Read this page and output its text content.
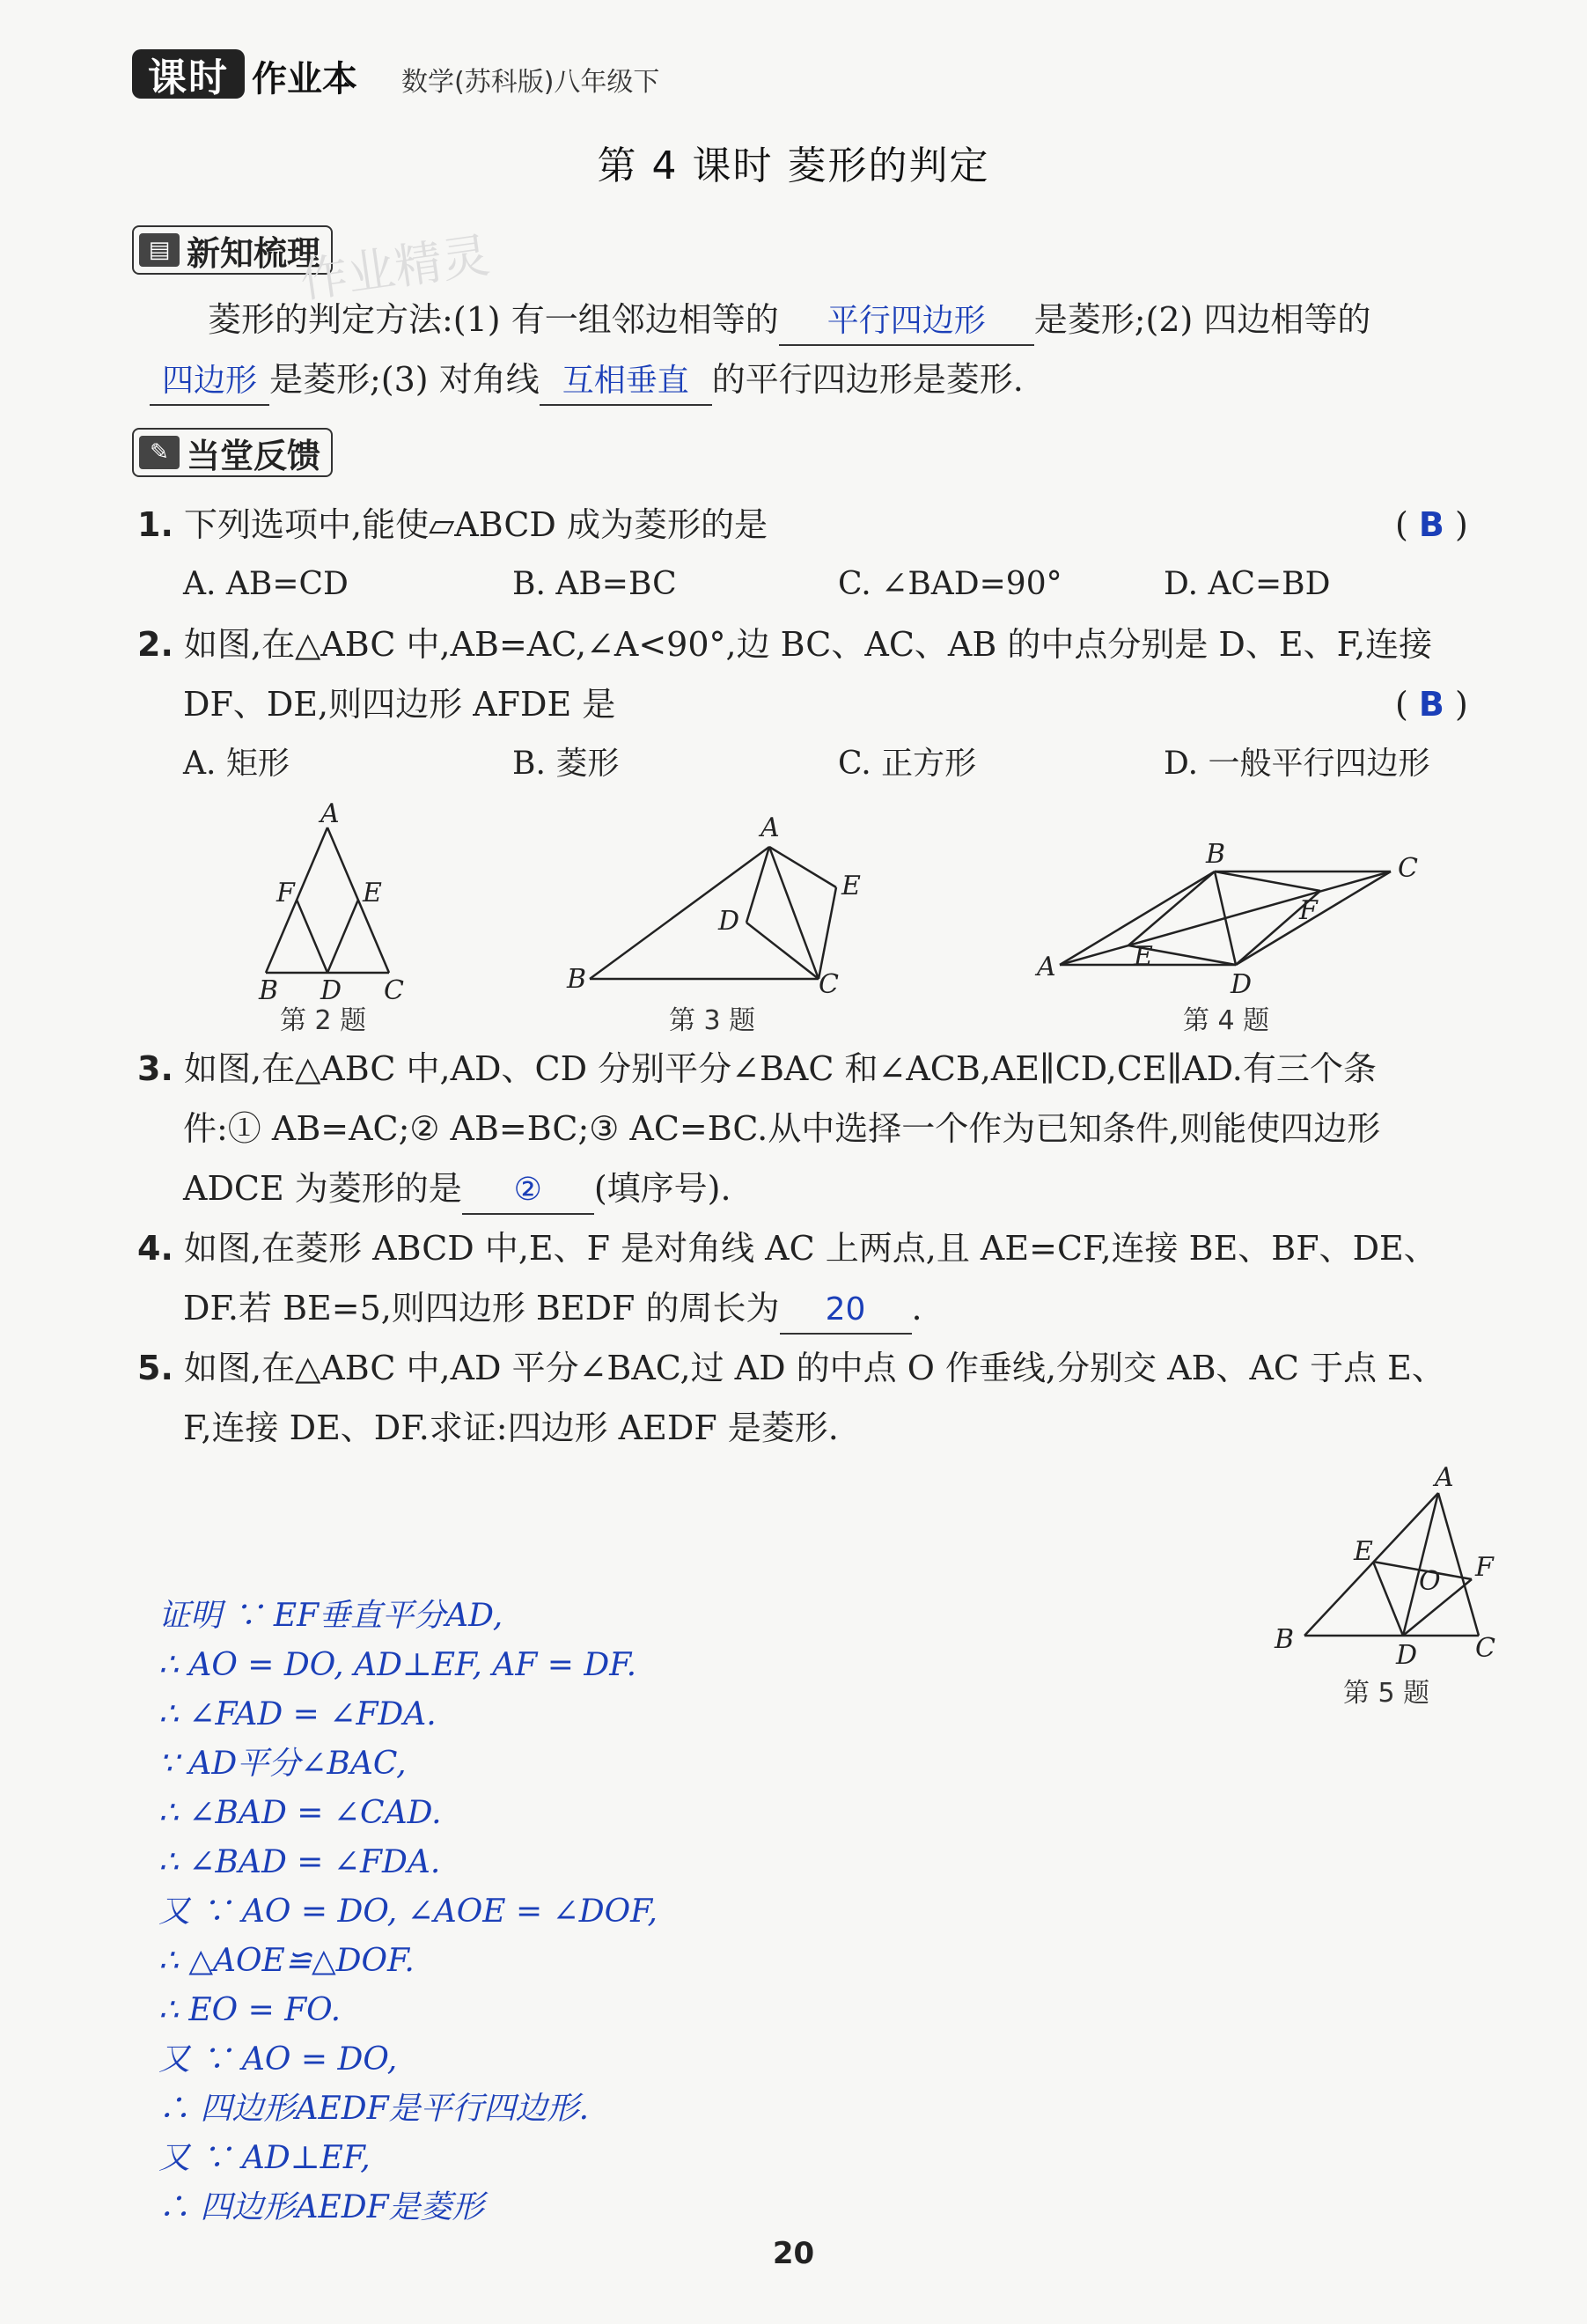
课时 作业本 数学(苏科版)八年级下
第 4 课时 菱形的判定
▤ 新知梳理
作业精灵
菱形的判定方法:(1) 有一组邻边相等的 平行四边形 是菱形;(2) 四边相等的
四边形 是菱形;(3) 对角线 互相垂直 的平行四边形是菱形.
✎ 当堂反馈
1. 下列选项中,能使▱ABCD 成为菱形的是	( B )
A. AB=CD	B. AB=BC	C. ∠BAD=90°	D. AC=BD
2. 如图,在△ABC 中,AB=AC,∠A<90°,边 BC、AC、AB 的中点分别是 D、E、F,连接
DF、DE,则四边形 AFDE 是	( B )
A. 矩形	B. 菱形	C. 正方形	D. 一般平行四边形
A
F	E
B D C
第 2 题
A
E
D
B	C
第 3 题
B	C
F
E
A
D
第 4 题
3. 如图,在△ABC 中,AD、CD 分别平分∠BAC 和∠ACB,AE∥CD,CE∥AD.有三个条
件:① AB=AC;② AB=BC;③ AC=BC.从中选择一个作为已知条件,则能使四边形
ADCE 为菱形的是 ② (填序号).
4. 如图,在菱形 ABCD 中,E、F 是对角线 AC 上两点,且 AE=CF,连接 BE、BF、DE、
DF.若 BE=5,则四边形 BEDF 的周长为 20 .
5. 如图,在△ABC 中,AD 平分∠BAC,过 AD 的中点 O 作垂线,分别交 AB、AC 于点 E、
F,连接 DE、DF.求证:四边形 AEDF 是菱形.
A
E
F
O
B
D C
第 5 题
证明 ∵ EF垂直平分AD,
∴ AO = DO, AD⊥EF, AF = DF.
∴ ∠FAD = ∠FDA.
∵ AD平分∠BAC,
∴ ∠BAD = ∠CAD.
∴ ∠BAD = ∠FDA.
又 ∵ AO = DO, ∠AOE = ∠DOF,
∴ △AOE≌△DOF.
∴ EO = FO.
又 ∵ AO = DO,
∴ 四边形AEDF是平行四边形.
又 ∵ AD⊥EF,
∴ 四边形AEDF是菱形
20
